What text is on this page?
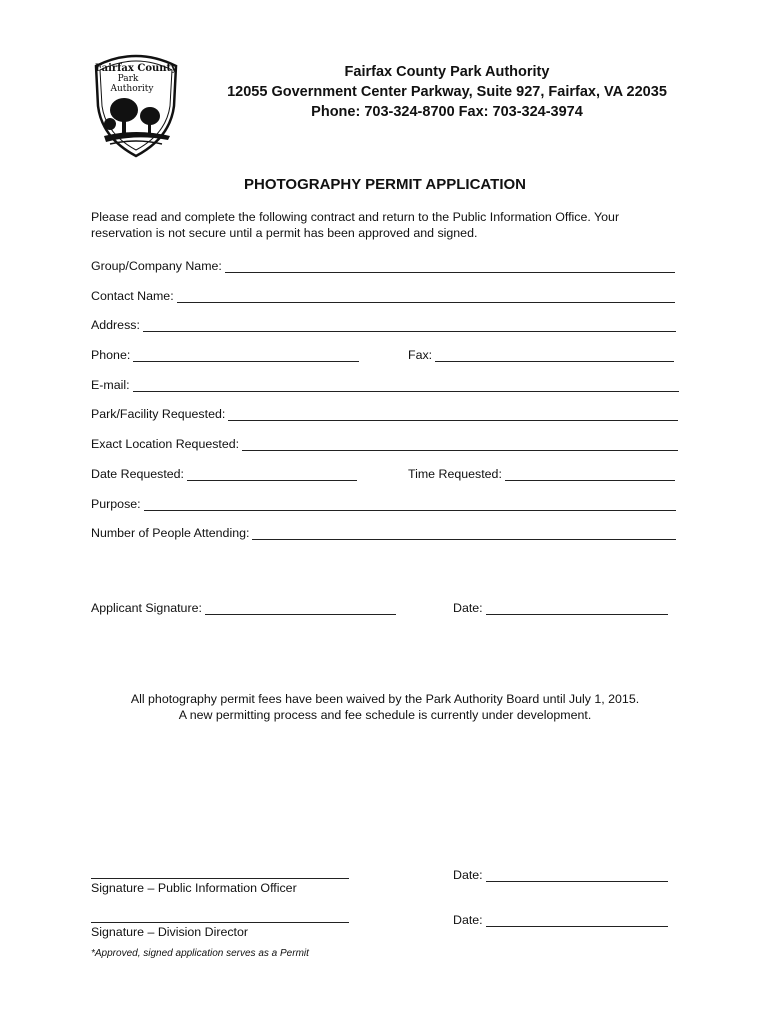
Fairfax County
Park
Authority
Fairfax County Park Authority
12055 Government Center Parkway, Suite 927, Fairfax, VA 22035
Phone: 703-324-8700 Fax: 703-324-3974
PHOTOGRAPHY PERMIT APPLICATION
Please read and complete the following contract and return to the Public Information Office. Your
reservation is not secure until a permit has been approved and signed.
Group/Company Name:
Contact Name:
Address:
Phone:	Fax:
E-mail:
Park/Facility Requested:
Exact Location Requested:
Date Requested:	Time Requested:
Purpose:
Number of People Attending:
Applicant Signature:	Date:
All photography permit fees have been waived by the Park Authority Board until July 1, 2015.
A new permitting process and fee schedule is currently under development.
Signature – Public Information Officer
Date:
Signature – Division Director
Date:
*Approved, signed application serves as a Permit
